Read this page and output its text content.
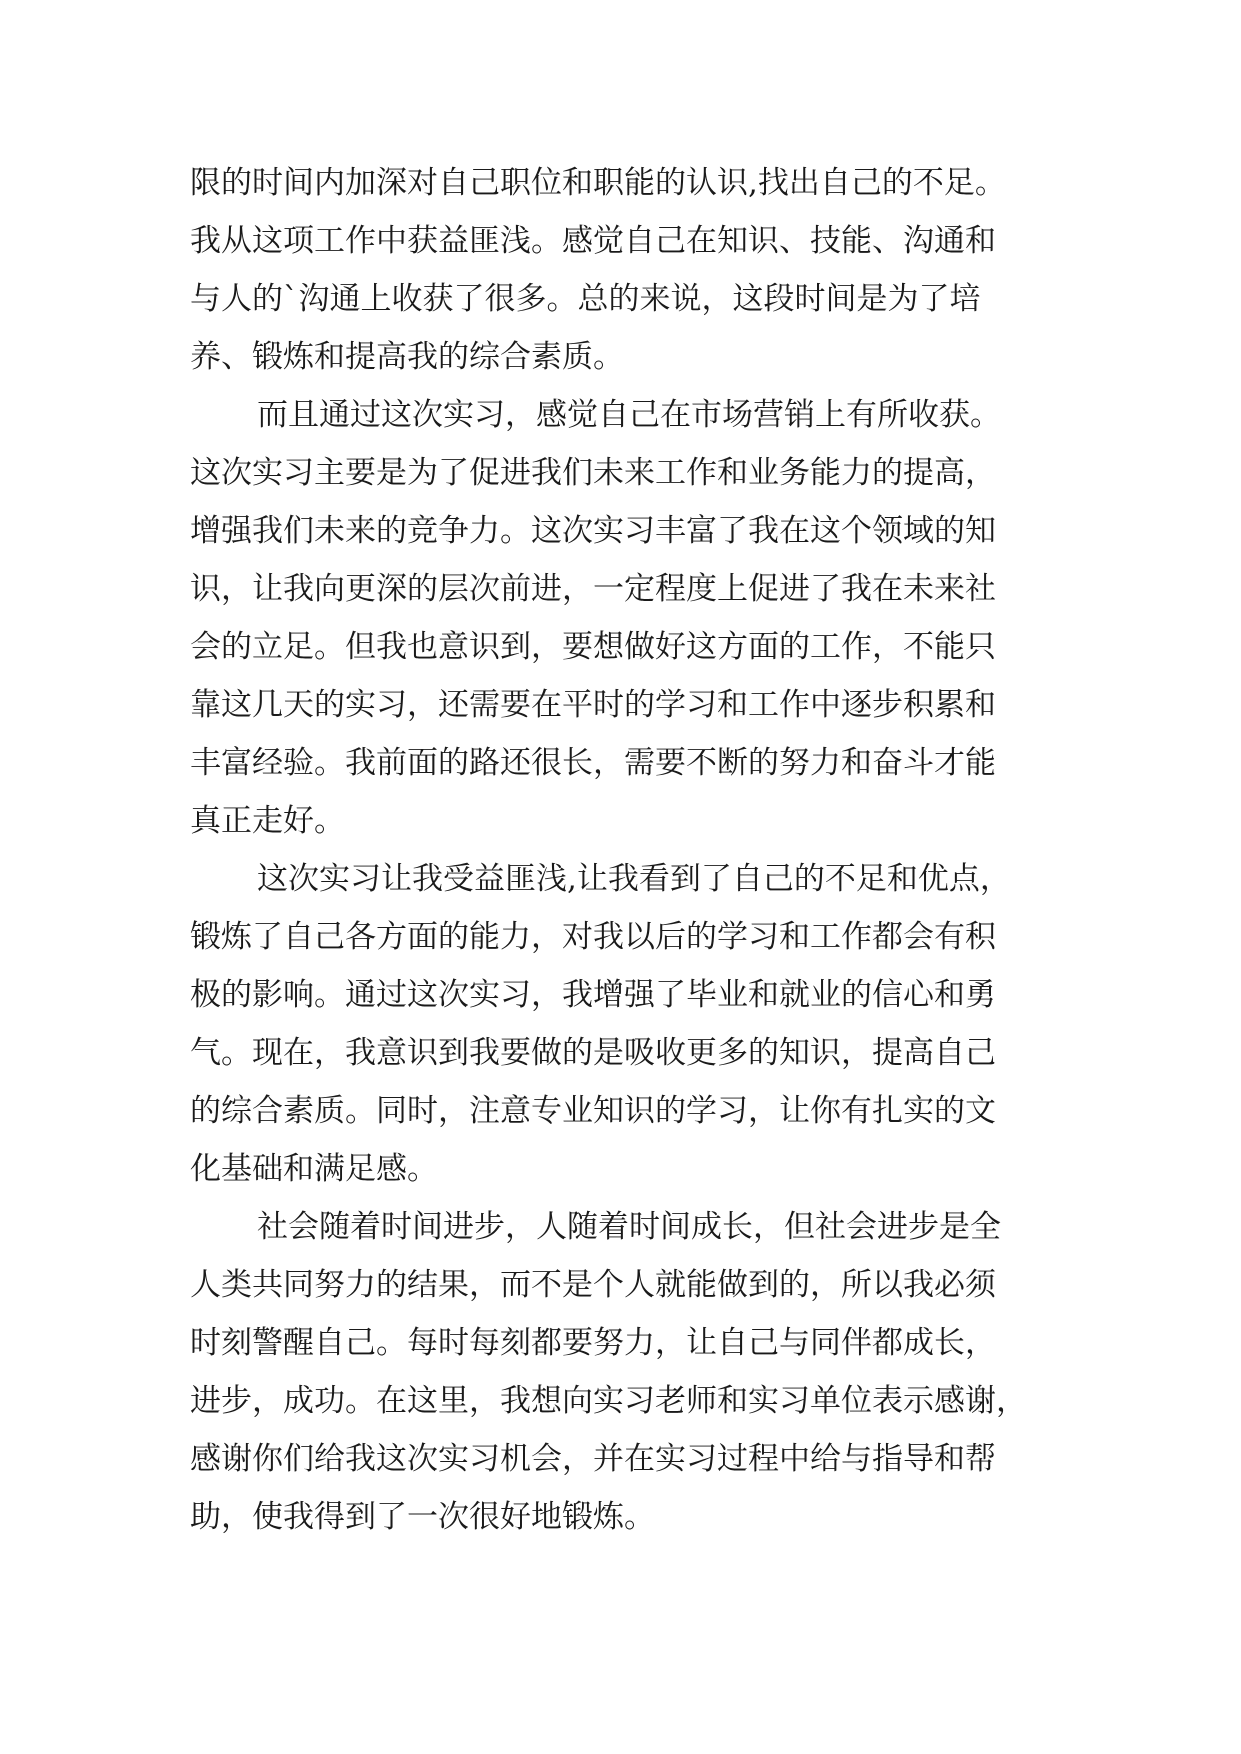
限的时间内加深对自己职位和职能的认识,找出自己的不足。
我从这项工作中获益匪浅。感觉自己在知识、技能、沟通和
与人的`沟通上收获了很多。总的来说，这段时间是为了培
养、锻炼和提高我的综合素质。
而且通过这次实习，感觉自己在市场营销上有所收获。
这次实习主要是为了促进我们未来工作和业务能力的提高，
增强我们未来的竞争力。这次实习丰富了我在这个领域的知
识，让我向更深的层次前进，一定程度上促进了我在未来社
会的立足。但我也意识到，要想做好这方面的工作，不能只
靠这几天的实习，还需要在平时的学习和工作中逐步积累和
丰富经验。我前面的路还很长，需要不断的努力和奋斗才能
真正走好。
这次实习让我受益匪浅,让我看到了自己的不足和优点，
锻炼了自己各方面的能力，对我以后的学习和工作都会有积
极的影响。通过这次实习，我增强了毕业和就业的信心和勇
气。现在，我意识到我要做的是吸收更多的知识，提高自己
的综合素质。同时，注意专业知识的学习，让你有扎实的文
化基础和满足感。
社会随着时间进步，人随着时间成长，但社会进步是全
人类共同努力的结果，而不是个人就能做到的，所以我必须
时刻警醒自己。每时每刻都要努力，让自己与同伴都成长，
进步，成功。在这里，我想向实习老师和实习单位表示感谢，
感谢你们给我这次实习机会，并在实习过程中给与指导和帮
助，使我得到了一次很好地锻炼。
